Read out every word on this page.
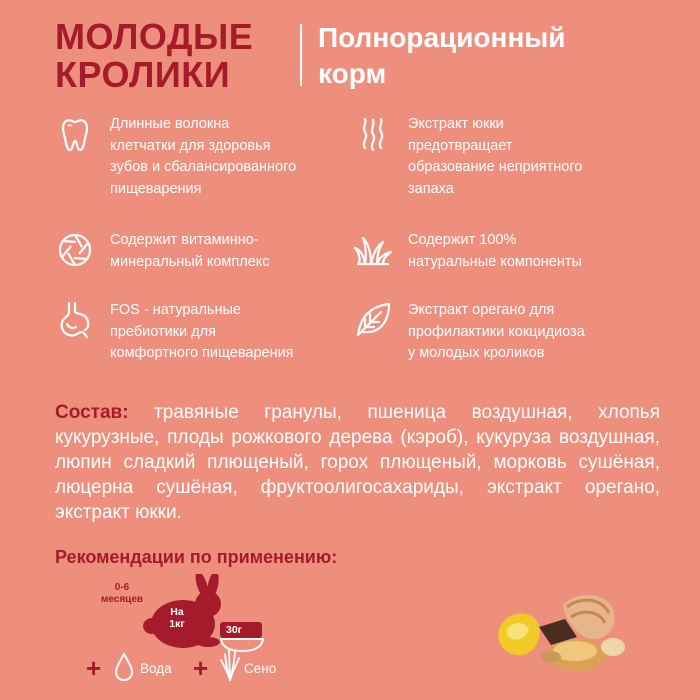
МОЛОДЫЕ
КРОЛИКИ
Полнорационный
корм
Длинные волокна
клетчатки для здоровья
зубов и сбалансированного
пищеварения
Экстракт юкки
предотвращает
образование неприятного
запаха
Содержит витаминно-
минеральный комплекс
Содержит 100%
натуральные компоненты
FOS - натуральные
пребиотики для
комфортного пищеварения
Экстракт орегано для
профилактики кокцидиоза
у молодых кроликов
Состав: травяные гранулы, пшеница воздушная, хлопья кукурузные, плоды рожкового дерева (кэроб), кукуруза воздушная, люпин сладкий плющеный, горох плющеный, морковь сушёная, люцерна сушёная, фруктоолигосахариды, экстракт орегано, экстракт юкки.
Рекомендации по применению:
0-6
месяцев
На
1кг	30г
+	Вода +	Сено
